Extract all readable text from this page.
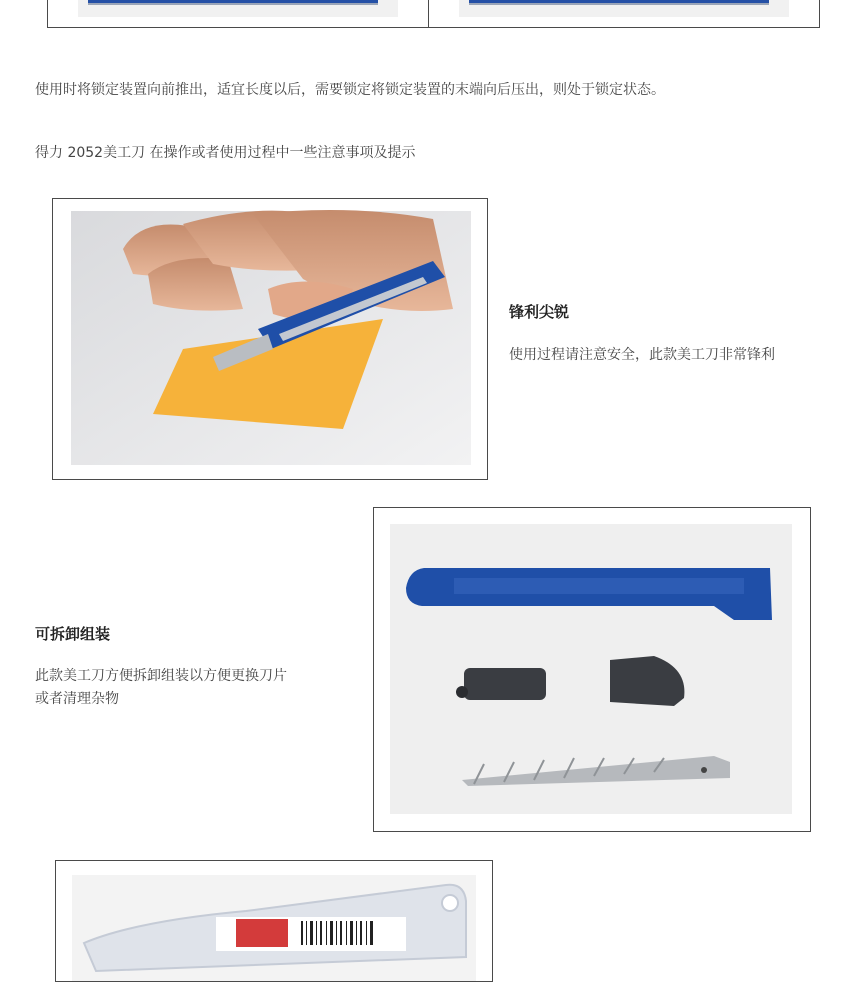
使用时将锁定装置向前推出，适宜长度以后，需要锁定将锁定装置的末端向后压出，则处于锁定状态。
得力 2052美工刀 在操作或者使用过程中一些注意事项及提示
锋利尖锐
使用过程请注意安全，此款美工刀非常锋利
可拆卸组装
此款美工刀方便拆卸组装以方便更换刀片
或者清理杂物
